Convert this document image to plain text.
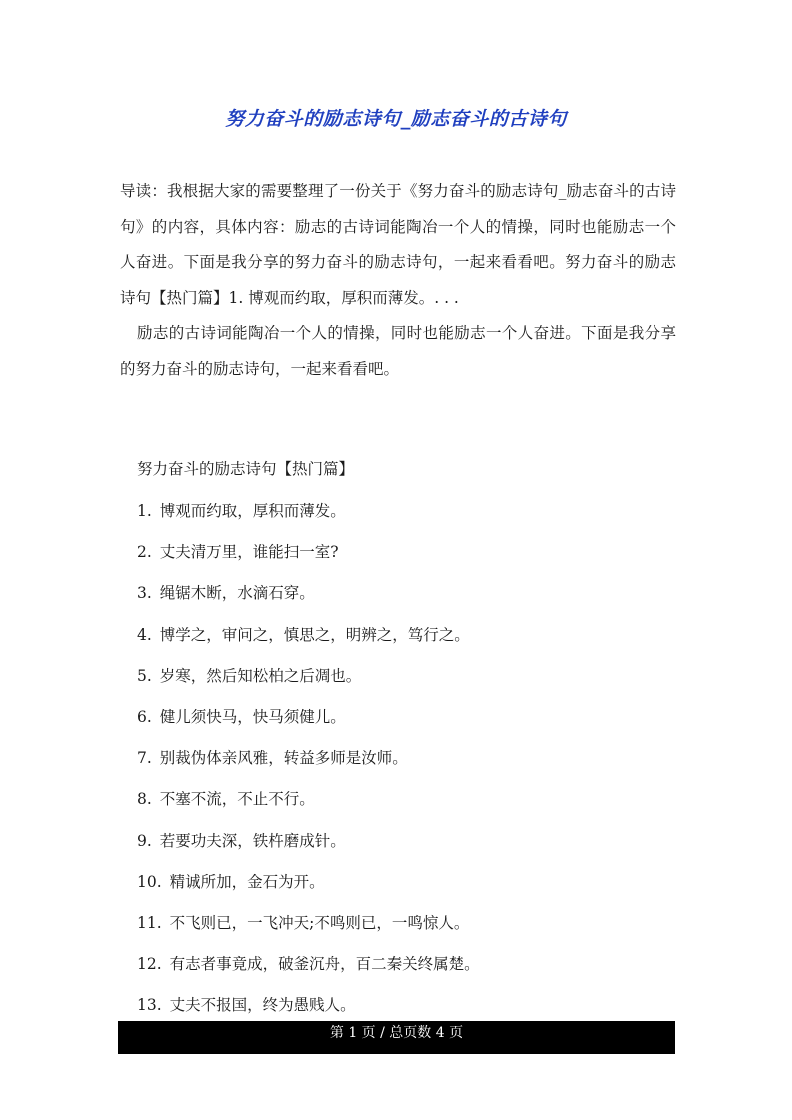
努力奋斗的励志诗句_励志奋斗的古诗句

导读：我根据大家的需要整理了一份关于《努力奋斗的励志诗句_励志奋斗的古诗句》的内容，具体内容：励志的古诗词能陶冶一个人的情操，同时也能励志一个人奋进。下面是我分享的努力奋斗的励志诗句，一起来看看吧。努力奋斗的励志诗句【热门篇】1. 博观而约取，厚积而薄发。. . .

励志的古诗词能陶冶一个人的情操，同时也能励志一个人奋进。下面是我分享的努力奋斗的励志诗句，一起来看看吧。

努力奋斗的励志诗句【热门篇】
1. 博观而约取，厚积而薄发。
2. 丈夫清万里，谁能扫一室?
3. 绳锯木断，水滴石穿。
4. 博学之，审问之，慎思之，明辨之，笃行之。
5. 岁寒，然后知松柏之后凋也。
6. 健儿须快马，快马须健儿。
7. 别裁伪体亲风雅，转益多师是汝师。
8. 不塞不流，不止不行。
9. 若要功夫深，铁杵磨成针。
10. 精诚所加，金石为开。
11. 不飞则已，一飞冲天;不鸣则已，一鸣惊人。
12. 有志者事竟成，破釜沉舟，百二秦关终属楚。
13. 丈夫不报国，终为愚贱人。
第 1 页 / 总页数 4 页
